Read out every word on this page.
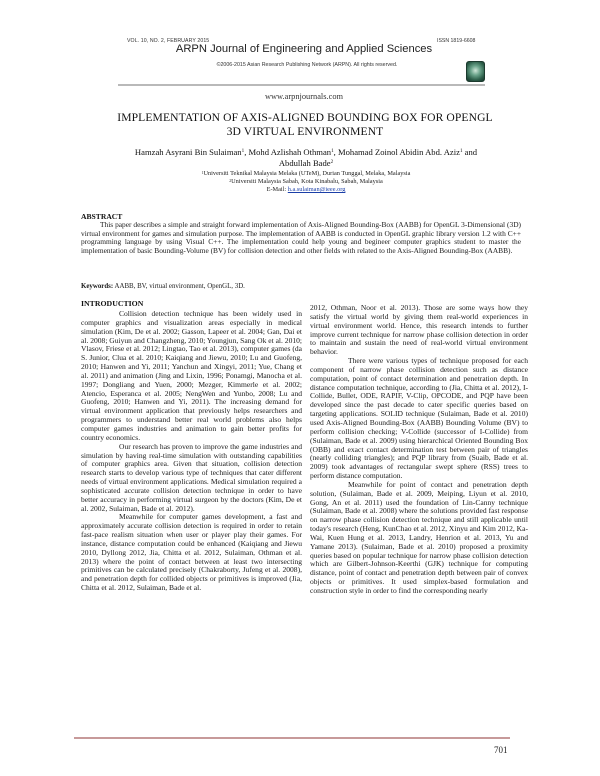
VOL. 10, NO. 2, FEBRUARY 2015	ISSN 1819-6608
ARPN Journal of Engineering and Applied Sciences
©2006-2015 Asian Research Publishing Network (ARPN). All rights reserved.
www.arpnjournals.com
IMPLEMENTATION OF AXIS-ALIGNED BOUNDING BOX FOR OPENGL
3D VIRTUAL ENVIRONMENT
Hamzah Asyrani Bin Sulaiman$^1$, Mohd Azlishah Othman$^1$, Mohamad Zoinol Abidin Abd. Aziz$^1$ and
Abdullah Bade$^2$
$^1$Universiti Teknikal Malaysia Melaka (UTeM), Durian Tunggal, Melaka, Malaysia
$^2$Universiti Malaysia Sabah, Kota Kinabalu, Sabah, Malaysia
E-Mail: h.a.sulaiman@ieee.org
ABSTRACT
This paper describes a simple and straight forward implementation of Axis-Aligned Bounding-Box (AABB) for OpenGL 3-Dimensional (3D) virtual environment for games and simulation purpose. The implementation of AABB is conducted in OpenGL graphic library version 1.2 with C++ programming language by using Visual C++. The implementation could help young and begineer computer graphics student to master the implementation of basic Bounding-Volume (BV) for collision detection and other fields with related to the Axis-Aligned Bounding-Box (AABB).
Keywords: AABB, BV, virtual environment, OpenGL, 3D.
INTRODUCTION

Collision detection technique has been widely used in computer graphics and visualization areas especially in medical simulation (Kim, De et al. 2002; Gasson, Lapeer et al. 2004; Gan, Dai et al. 2008; Guiyun and Changzheng, 2010; Youngjun, Sang Ok et al. 2010; Vlasov, Friese et al. 2012; Lingtao, Tao et al. 2013), computer games (da S. Junior, Clua et al. 2010; Kaiqiang and Jiewu, 2010; Lu and Guofeng, 2010; Hanwen and Yi, 2011; Yanchun and Xingyi, 2011; Yue, Chang et al. 2011) and animation (Jing and Lixin, 1996; Ponamgi, Manocha et al. 1997; Dongliang and Yuen, 2000; Mezger, Kimmerle et al. 2002; Atencio, Esperanca et al. 2005; NengWen and Yunbo, 2008; Lu and Guofeng, 2010; Hanwen and Yi, 2011). The increasing demand for virtual environment application that previously helps researchers and programmers to understand better real world problems also helps computer games industries and animation to gain better profits for country economics.

Our research has proven to improve the game industries and simulation by having real-time simulation with outstanding capabilities of computer graphics area. Given that situation, collision detection research starts to develop various type of techniques that cater different needs of virtual environment applications. Medical simulation required a sophisticated accurate collision detection technique in order to have better accuracy in performing virtual surgeon by the doctors (Kim, De et al. 2002, Sulaiman, Bade et al. 2012).

Meanwhile for computer games development, a fast and approximately accurate collision detection is required in order to retain fast-pace realism situation when user or player play their games. For instance, distance computation could be enhanced (Kaiqiang and Jiewu 2010, Dyllong 2012, Jia, Chitta et al. 2012, Sulaiman, Othman et al. 2013) where the point of contact between at least two intersecting primitives can be calculated precisely (Chakraborty, Jufeng et al. 2008), and penetration depth for collided objects or primitives is improved (Jia, Chitta et al. 2012, Sulaiman, Bade et al.

2012, Othman, Noor et al. 2013). Those are some ways how they satisfy the virtual world by giving them real-world experiences in virtual environment world. Hence, this research intends to further improve current technique for narrow phase collision detection in order to maintain and sustain the need of real-world virtual environment behavior.

There were various types of technique proposed for each component of narrow phase collision detection such as distance computation, point of contact determination and penetration depth. In distance computation technique, according to (Jia, Chitta et al. 2012), I-Collide, Bullet, ODE, RAPIF, V-Clip, OPCODE, and PQP have been developed since the past decade to cater specific queries based on targeting applications. SOLID technique (Sulaiman, Bade et al. 2010) used Axis-Aligned Bounding-Box (AABB) Bounding Volume (BV) to perform collision checking; V-Collide (successor of I-Collide) from (Sulaiman, Bade et al. 2009) using hierarchical Oriented Bounding Box (OBB) and exact contact determination test between pair of triangles (nearly colliding triangles); and PQP library from (Suaib, Bade et al. 2009) took advantages of rectangular swept sphere (RSS) trees to perform distance computation.

Meanwhile for point of contact and penetration depth solution, (Sulaiman, Bade et al. 2009, Meiping, Liyun et al. 2010, Gong, An et al. 2011) used the foundation of Lin-Canny technique (Sulaiman, Bade et al. 2008) where the solutions provided fast response on narrow phase collision detection technique and still applicable until today's research (Heng, KunChao et al. 2012, Xinyu and Kim 2012, Ka-Wai, Kuen Hung et al. 2013, Landry, Henrion et al. 2013, Yu and Yamane 2013). (Sulaiman, Bade et al. 2010) proposed a proximity queries based on popular technique for narrow phase collision detection which are Gilbert-Johnson-Keerthi (GJK) technique for computing distance, point of contact and penetration depth between pair of convex objects or primitives. It used simplex-based formulation and construction style in order to find the corresponding nearly

701
